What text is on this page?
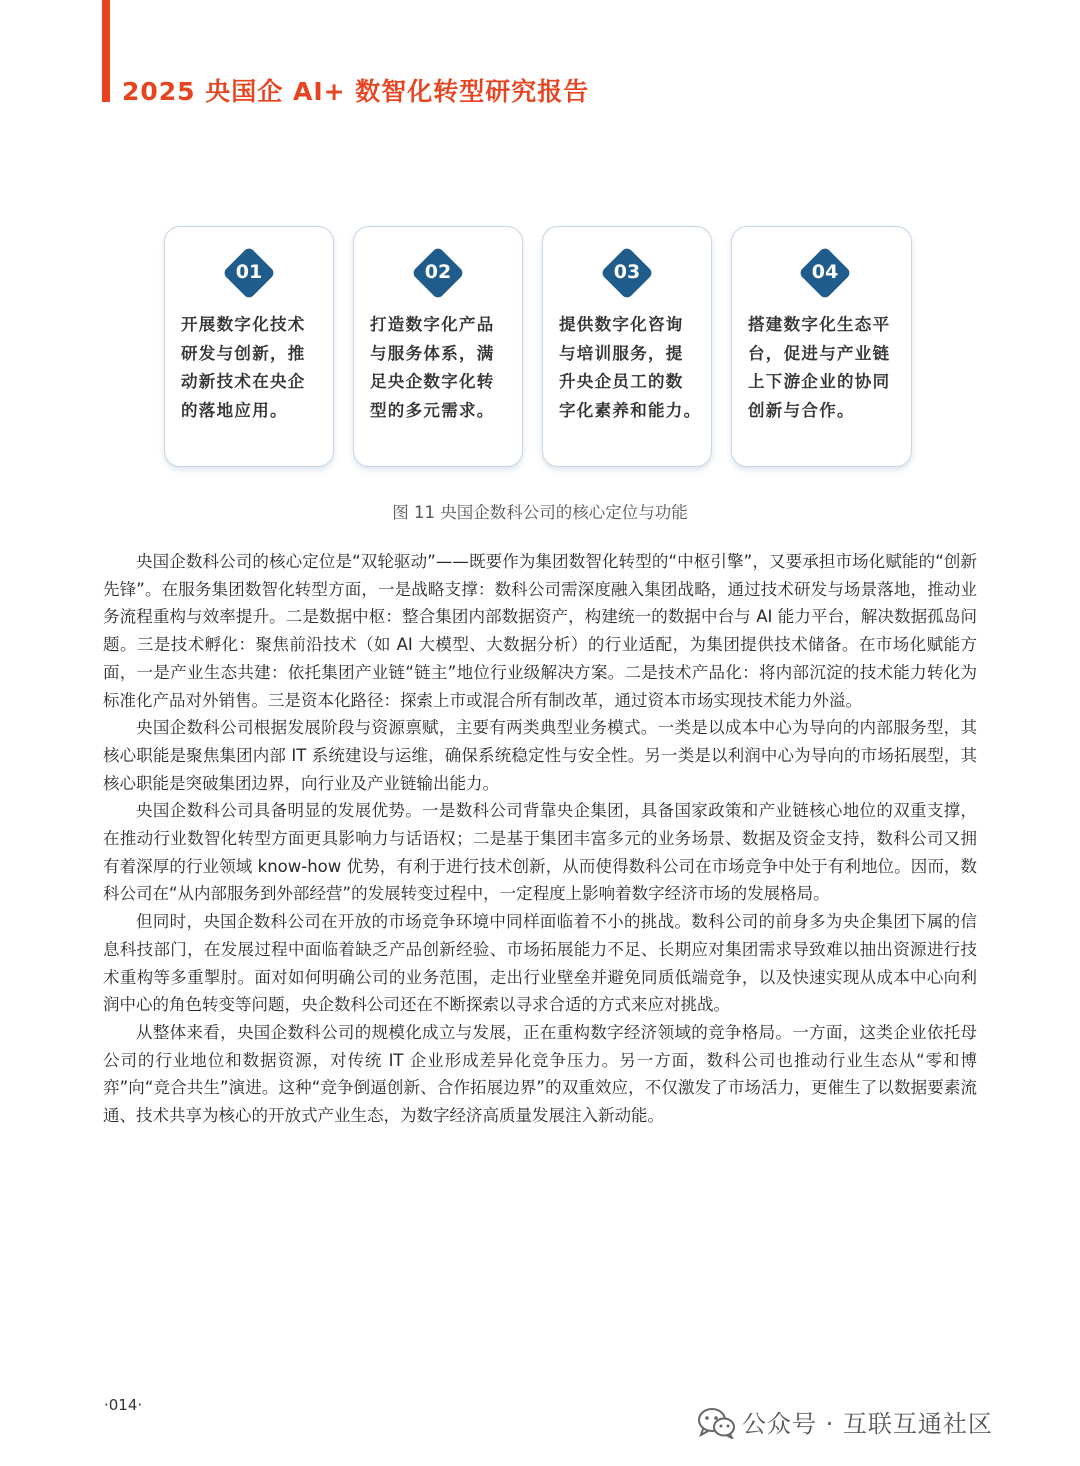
2025 央国企 AI+ 数智化转型研究报告
01
开展数字化技术
研发与创新，推
动新技术在央企
的落地应用。
02
打造数字化产品
与服务体系，满
足央企数字化转
型的多元需求。
03
提供数字化咨询
与培训服务，提
升央企员工的数
字化素养和能力。
04
搭建数字化生态平
台，促进与产业链
上下游企业的协同
创新与合作。
图 11 央国企数科公司的核心定位与功能

央国企数科公司的核心定位是“双轮驱动”——既要作为集团数智化转型的“中枢引擎”，又要承担市场化赋能的“创新先锋”。在服务集团数智化转型方面，一是战略支撑：数科公司需深度融入集团战略，通过技术研发与场景落地，推动业务流程重构与效率提升。二是数据中枢：整合集团内部数据资产，构建统一的数据中台与 AI 能力平台，解决数据孤岛问题。三是技术孵化：聚焦前沿技术（如 AI 大模型、大数据分析）的行业适配，为集团提供技术储备。在市场化赋能方面，一是产业生态共建：依托集团产业链“链主”地位行业级解决方案。二是技术产品化：将内部沉淀的技术能力转化为标准化产品对外销售。三是资本化路径：探索上市或混合所有制改革，通过资本市场实现技术能力外溢。

央国企数科公司根据发展阶段与资源禀赋，主要有两类典型业务模式。一类是以成本中心为导向的内部服务型，其核心职能是聚焦集团内部 IT 系统建设与运维，确保系统稳定性与安全性。另一类是以利润中心为导向的市场拓展型，其核心职能是突破集团边界，向行业及产业链输出能力。

央国企数科公司具备明显的发展优势。一是数科公司背靠央企集团，具备国家政策和产业链核心地位的双重支撑，在推动行业数智化转型方面更具影响力与话语权；二是基于集团丰富多元的业务场景、数据及资金支持，数科公司又拥有着深厚的行业领域 know-how 优势，有利于进行技术创新，从而使得数科公司在市场竞争中处于有利地位。因而，数科公司在“从内部服务到外部经营”的发展转变过程中，一定程度上影响着数字经济市场的发展格局。

但同时，央国企数科公司在开放的市场竞争环境中同样面临着不小的挑战。数科公司的前身多为央企集团下属的信息科技部门，在发展过程中面临着缺乏产品创新经验、市场拓展能力不足、长期应对集团需求导致难以抽出资源进行技术重构等多重掣肘。面对如何明确公司的业务范围，走出行业壁垒并避免同质低端竞争，以及快速实现从成本中心向利润中心的角色转变等问题，央企数科公司还在不断探索以寻求合适的方式来应对挑战。

从整体来看，央国企数科公司的规模化成立与发展，正在重构数字经济领域的竞争格局。一方面，这类企业依托母公司的行业地位和数据资源，对传统 IT 企业形成差异化竞争压力。另一方面，数科公司也推动行业生态从“零和博弈”向“竞合共生”演进。这种“竞争倒逼创新、合作拓展边界”的双重效应，不仅激发了市场活力，更催生了以数据要素流通、技术共享为核心的开放式产业生态，为数字经济高质量发展注入新动能。

·014·
公众号 · 互联互通社区
